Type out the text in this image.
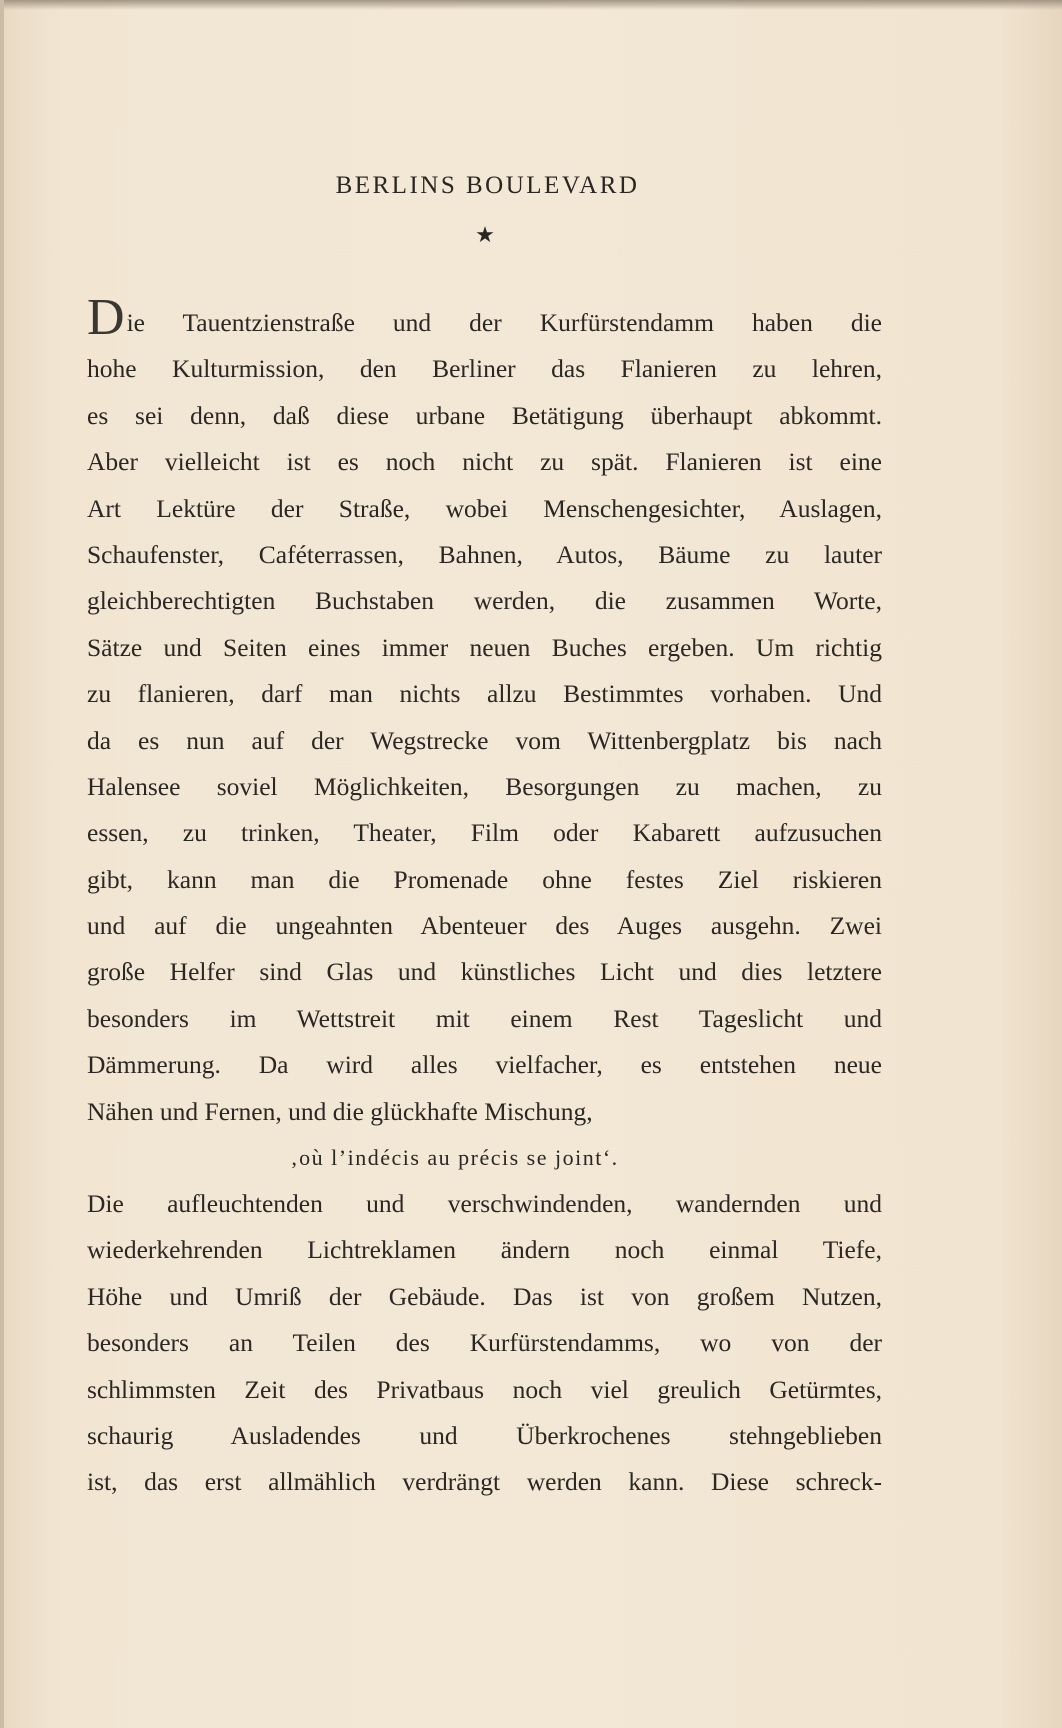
BERLINS BOULEVARD
★
Die Tauentzienstraße und der Kurfürstendamm haben die
hohe Kulturmission, den Berliner das Flanieren zu lehren,
es sei denn, daß diese urbane Betätigung überhaupt abkommt.
Aber vielleicht ist es noch nicht zu spät. Flanieren ist eine
Art Lektüre der Straße, wobei Menschengesichter, Auslagen,
Schaufenster, Caféterrassen, Bahnen, Autos, Bäume zu lauter
gleichberechtigten Buchstaben werden, die zusammen Worte,
Sätze und Seiten eines immer neuen Buches ergeben. Um richtig
zu flanieren, darf man nichts allzu Bestimmtes vorhaben. Und
da es nun auf der Wegstrecke vom Wittenbergplatz bis nach
Halensee soviel Möglichkeiten, Besorgungen zu machen, zu
essen, zu trinken, Theater, Film oder Kabarett aufzusuchen
gibt, kann man die Promenade ohne festes Ziel riskieren
und auf die ungeahnten Abenteuer des Auges ausgehn. Zwei
große Helfer sind Glas und künstliches Licht und dies letztere
besonders im Wettstreit mit einem Rest Tageslicht und
Dämmerung. Da wird alles vielfacher, es entstehen neue
Nähen und Fernen, und die glückhafte Mischung,
‚où l’indécis au précis se joint‘.
Die aufleuchtenden und verschwindenden, wandernden und
wiederkehrenden Lichtreklamen ändern noch einmal Tiefe,
Höhe und Umriß der Gebäude. Das ist von großem Nutzen,
besonders an Teilen des Kurfürstendamms, wo von der
schlimmsten Zeit des Privatbaus noch viel greulich Getürmtes,
schaurig Ausladendes und Überkrochenes stehngeblieben
ist, das erst allmählich verdrängt werden kann. Diese schreck-
